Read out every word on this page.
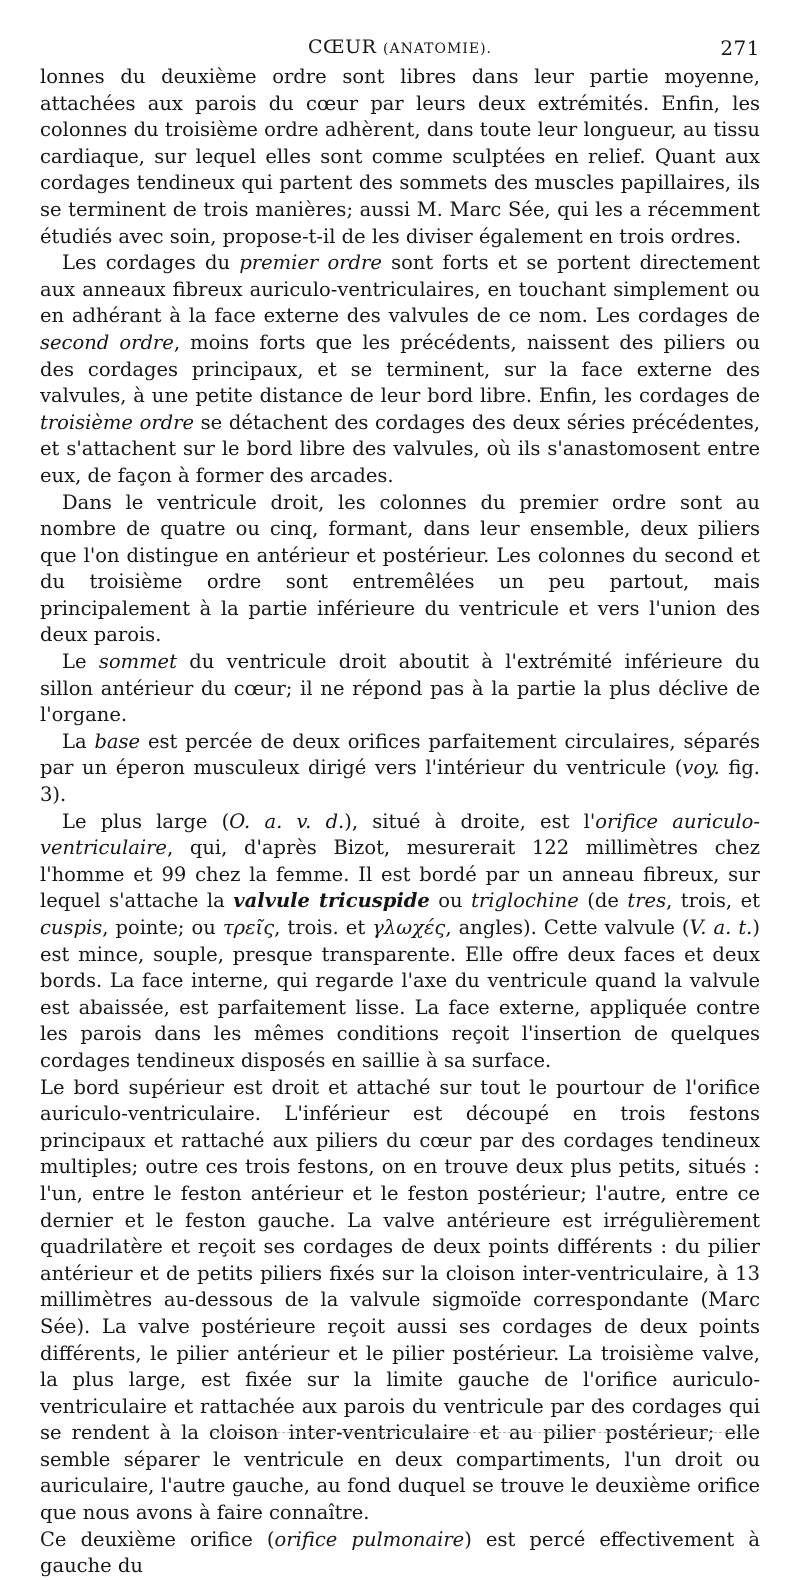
CŒUR (ANATOMIE).	271

lonnes du deuxième ordre sont libres dans leur partie moyenne, attachées aux parois du cœur par leurs deux extrémités. Enfin, les colonnes du troisième ordre adhèrent, dans toute leur longueur, au tissu cardiaque, sur lequel elles sont comme sculptées en relief. Quant aux cordages tendineux qui partent des sommets des muscles papillaires, ils se terminent de trois manières; aussi M. Marc Sée, qui les a récemment étudiés avec soin, propose-t-il de les diviser également en trois ordres.

Les cordages du premier ordre sont forts et se portent directement aux anneaux fibreux auriculo-ventriculaires, en touchant simplement ou en adhérant à la face externe des valvules de ce nom. Les cordages de second ordre, moins forts que les précédents, naissent des piliers ou des cordages principaux, et se terminent, sur la face externe des valvules, à une petite distance de leur bord libre. Enfin, les cordages de troisième ordre se détachent des cordages des deux séries précédentes, et s'attachent sur le bord libre des valvules, où ils s'anastomosent entre eux, de façon à former des arcades.

Dans le ventricule droit, les colonnes du premier ordre sont au nombre de quatre ou cinq, formant, dans leur ensemble, deux piliers que l'on distingue en antérieur et postérieur. Les colonnes du second et du troisième ordre sont entremêlées un peu partout, mais principalement à la partie inférieure du ventricule et vers l'union des deux parois.

Le sommet du ventricule droit aboutit à l'extrémité inférieure du sillon antérieur du cœur; il ne répond pas à la partie la plus déclive de l'organe.

La base est percée de deux orifices parfaitement circulaires, séparés par un éperon musculeux dirigé vers l'intérieur du ventricule (voy. fig. 3).

Le plus large (O. a. v. d.), situé à droite, est l'orifice auriculo-ventriculaire, qui, d'après Bizot, mesurerait 122 millimètres chez l'homme et 99 chez la femme. Il est bordé par un anneau fibreux, sur lequel s'attache la valvule tricuspide ou triglochine (de tres, trois, et cuspis, pointe; ou τρεῖς, trois. et γλωχές, angles). Cette valvule (V. a. t.) est mince, souple, presque transparente. Elle offre deux faces et deux bords. La face interne, qui regarde l'axe du ventricule quand la valvule est abaissée, est parfaitement lisse. La face externe, appliquée contre les parois dans les mêmes conditions reçoit l'insertion de quelques cordages tendineux disposés en saillie à sa surface.

Le bord supérieur est droit et attaché sur tout le pourtour de l'orifice auriculo-ventriculaire. L'inférieur est découpé en trois festons principaux et rattaché aux piliers du cœur par des cordages tendineux multiples; outre ces trois festons, on en trouve deux plus petits, situés : l'un, entre le feston antérieur et le feston postérieur; l'autre, entre ce dernier et le feston gauche. La valve antérieure est irrégulièrement quadrilatère et reçoit ses cordages de deux points différents : du pilier antérieur et de petits piliers fixés sur la cloison inter-ventriculaire, à 13 millimètres au-dessous de la valvule sigmoïde correspondante (Marc Sée). La valve postérieure reçoit aussi ses cordages de deux points différents, le pilier antérieur et le pilier postérieur. La troisième valve, la plus large, est fixée sur la limite gauche de l'orifice auriculo-ventriculaire et rattachée aux parois du ventricule par des cordages qui se rendent à la cloison inter-ventriculaire et au pilier postérieur; elle semble séparer le ventricule en deux compartiments, l'un droit ou auriculaire, l'autre gauche, au fond duquel se trouve le deuxième orifice que nous avons à faire connaître.

Ce deuxième orifice (orifice pulmonaire) est percé effectivement à gauche du
